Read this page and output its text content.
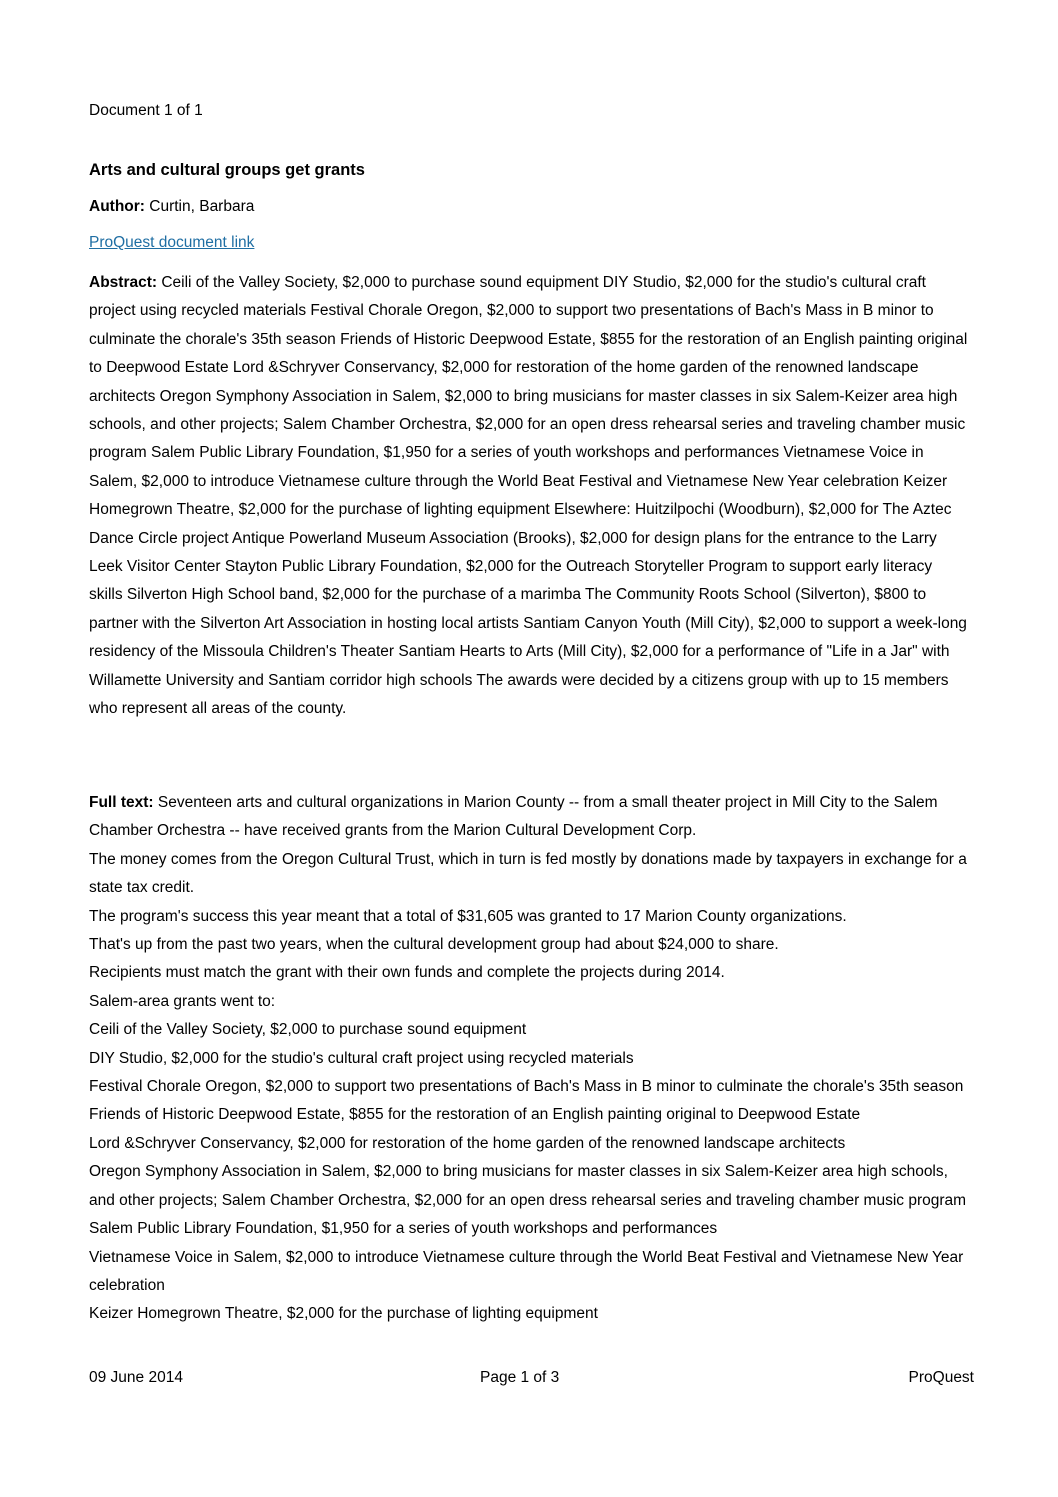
Document 1 of 1
Arts and cultural groups get grants
Author: Curtin, Barbara
ProQuest document link

Abstract: Ceili of the Valley Society, $2,000 to purchase sound equipment DIY Studio, $2,000 for the studio's cultural craft project using recycled materials Festival Chorale Oregon, $2,000 to support two presentations of Bach's Mass in B minor to culminate the chorale's 35th season Friends of Historic Deepwood Estate, $855 for the restoration of an English painting original to Deepwood Estate Lord &Schryver Conservancy, $2,000 for restoration of the home garden of the renowned landscape architects Oregon Symphony Association in Salem, $2,000 to bring musicians for master classes in six Salem-Keizer area high schools, and other projects; Salem Chamber Orchestra, $2,000 for an open dress rehearsal series and traveling chamber music program Salem Public Library Foundation, $1,950 for a series of youth workshops and performances Vietnamese Voice in Salem, $2,000 to introduce Vietnamese culture through the World Beat Festival and Vietnamese New Year celebration Keizer Homegrown Theatre, $2,000 for the purchase of lighting equipment Elsewhere: Huitzilpochi (Woodburn), $2,000 for The Aztec Dance Circle project Antique Powerland Museum Association (Brooks), $2,000 for design plans for the entrance to the Larry Leek Visitor Center Stayton Public Library Foundation, $2,000 for the Outreach Storyteller Program to support early literacy skills Silverton High School band, $2,000 for the purchase of a marimba The Community Roots School (Silverton), $800 to partner with the Silverton Art Association in hosting local artists Santiam Canyon Youth (Mill City), $2,000 to support a week-long residency of the Missoula Children's Theater Santiam Hearts to Arts (Mill City), $2,000 for a performance of "Life in a Jar" with Willamette University and Santiam corridor high schools The awards were decided by a citizens group with up to 15 members who represent all areas of the county.

Full text: Seventeen arts and cultural organizations in Marion County -- from a small theater project in Mill City to the Salem Chamber Orchestra -- have received grants from the Marion Cultural Development Corp.
The money comes from the Oregon Cultural Trust, which in turn is fed mostly by donations made by taxpayers in exchange for a state tax credit.
The program's success this year meant that a total of $31,605 was granted to 17 Marion County organizations.
That's up from the past two years, when the cultural development group had about $24,000 to share.
Recipients must match the grant with their own funds and complete the projects during 2014.
Salem-area grants went to:
Ceili of the Valley Society, $2,000 to purchase sound equipment
DIY Studio, $2,000 for the studio's cultural craft project using recycled materials
Festival Chorale Oregon, $2,000 to support two presentations of Bach's Mass in B minor to culminate the chorale's 35th season
Friends of Historic Deepwood Estate, $855 for the restoration of an English painting original to Deepwood Estate
Lord &Schryver Conservancy, $2,000 for restoration of the home garden of the renowned landscape architects
Oregon Symphony Association in Salem, $2,000 to bring musicians for master classes in six Salem-Keizer area high schools, and other projects; Salem Chamber Orchestra, $2,000 for an open dress rehearsal series and traveling chamber music program
Salem Public Library Foundation, $1,950 for a series of youth workshops and performances
Vietnamese Voice in Salem, $2,000 to introduce Vietnamese culture through the World Beat Festival and Vietnamese New Year celebration
Keizer Homegrown Theatre, $2,000 for the purchase of lighting equipment
09 June 2014	Page 1 of 3	ProQuest
